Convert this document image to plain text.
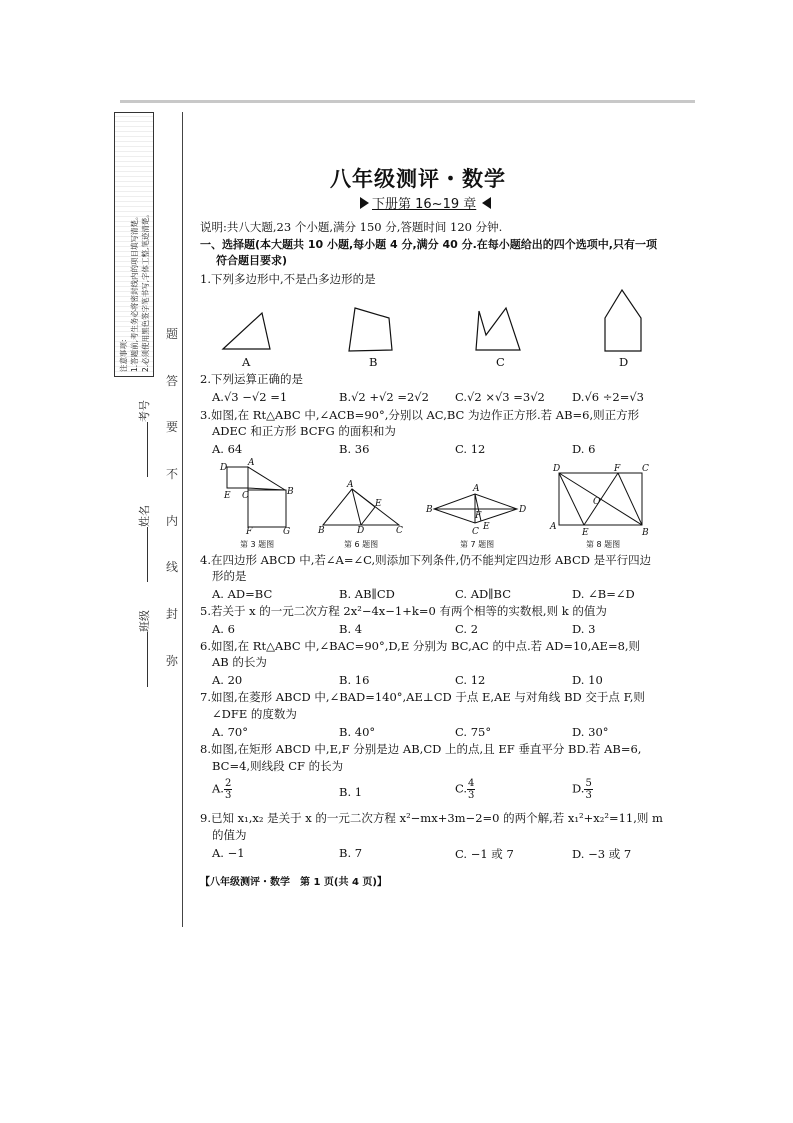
注意事项: 1.答题前,考生务必将密封线内的项目填写清楚。 2.必须使用黑色签字笔书写,字体工整,笔迹清楚。 题
答
要
不
内
线
封
弥
考号
姓名
班级
八年级测评・数学
下册第 16~19 章
说明:共八大题,23 个小题,满分 150 分,答题时间 120 分钟.
一、选择题(本大题共 10 小题,每小题 4 分,满分 40 分.在每小题给出的四个选项中,只有一项
符合题目要求)
1.下列多边形中,不是凸多边形的是
A	B	C	D
2.下列运算正确的是
A.√3 −√2 =1	B.√2 +√2 =2√2 C.√2 ×√3 =3√2 D.√6 ÷2=√3
3.如图,在 Rt△ABC 中,∠ACB=90°,分别以 AC,BC 为边作正方形.若 AB=6,则正方形
ADEC 和正方形 BCFG 的面积和为
A. 64	B. 36	C. 12	D. 6
D A
E C	B
F	G
A
E
B	D	C
A
B	D
F
E
C
D	F C
O
A
E	B
第 3 题图	第 6 题图	第 7 题图	第 8 题图
4.在四边形 ABCD 中,若∠A=∠C,则添加下列条件,仍不能判定四边形 ABCD 是平行四边
形的是
A. AD=BC	B. AB∥CD	C. AD∥BC	D. ∠B=∠D
5.若关于 x 的一元二次方程 2x²−4x−1+k=0 有两个相等的实数根,则 k 的值为
A. 6	B. 4	C. 2	D. 3
6.如图,在 Rt△ABC 中,∠BAC=90°,D,E 分别为 BC,AC 的中点.若 AD=10,AE=8,则
AB 的长为
A. 20	B. 16	C. 12	D. 10
7.如图,在菱形 ABCD 中,∠BAD=140°,AE⊥CD 于点 E,AE 与对角线 BD 交于点 F,则
∠DFE 的度数为
A. 70°	B. 40°	C. 75°	D. 30°
8.如图,在矩形 ABCD 中,E,F 分别是边 AB,CD 上的点,且 EF 垂直平分 BD.若 AB=6,
BC=4,则线段 CF 的长为
A. $\frac{2}{3}$	B. 1	C. $\frac{4}{3}$	D. $\frac{5}{3}$
9.已知 x₁,x₂ 是关于 x 的一元二次方程 x²−mx+3m−2=0 的两个解,若 x₁²+x₂²=11,则 m
的值为
A. −1	B. 7	C. −1 或 7	D. −3 或 7
【八年级测评・数学　第 1 页(共 4 页)】
